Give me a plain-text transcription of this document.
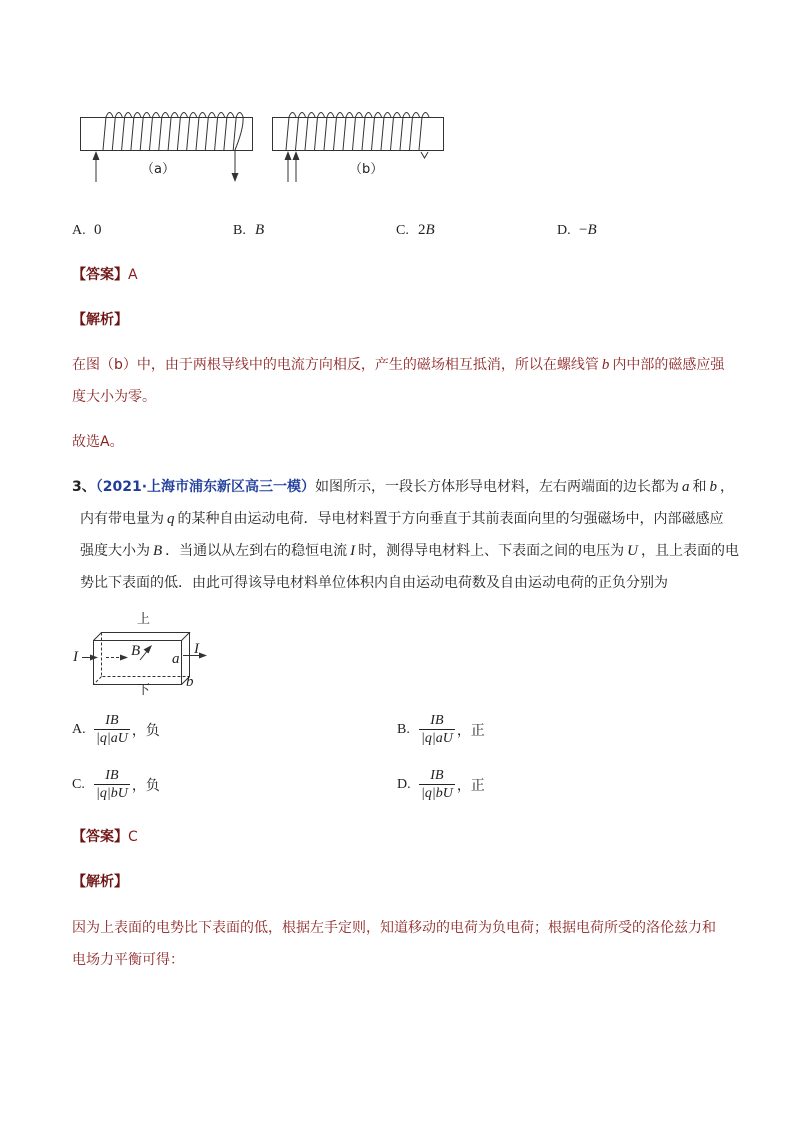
（a）	（b）
A. 0	B. B	C. 2B	D. −B
【答案】A
【解析】
在图（b）中，由于两根导线中的电流方向相反，产生的磁场相互抵消，所以在螺线管 b 内中部的磁感应强
度大小为零。
故选A。
3、（2021·上海市浦东新区高三一模）如图所示，一段长方体形导电材料，左右两端面的边长都为 a 和 b ，
内有带电量为 q 的某种自由运动电荷．导电材料置于方向垂直于其前表面向里的匀强磁场中，内部磁感应
强度大小为 B ．当通以从左到右的稳恒电流 I 时，测得导电材料上、下表面之间的电压为 U ，且上表面的电
势比下表面的低．由此可得该导电材料单位体积内自由运动电荷数及自由运动电荷的正负分别为
上
下
I	B a
I
b
A. $\frac{IB}{|q|aU}$ ，负	B. $\frac{IB}{|q|aU}$ ，正
C. $\frac{IB}{|q|bU}$ ，负	D. $\frac{IB}{|q|bU}$ ，正
【答案】C
【解析】
因为上表面的电势比下表面的低，根据左手定则，知道移动的电荷为负电荷；根据电荷所受的洛伦兹力和
电场力平衡可得：
